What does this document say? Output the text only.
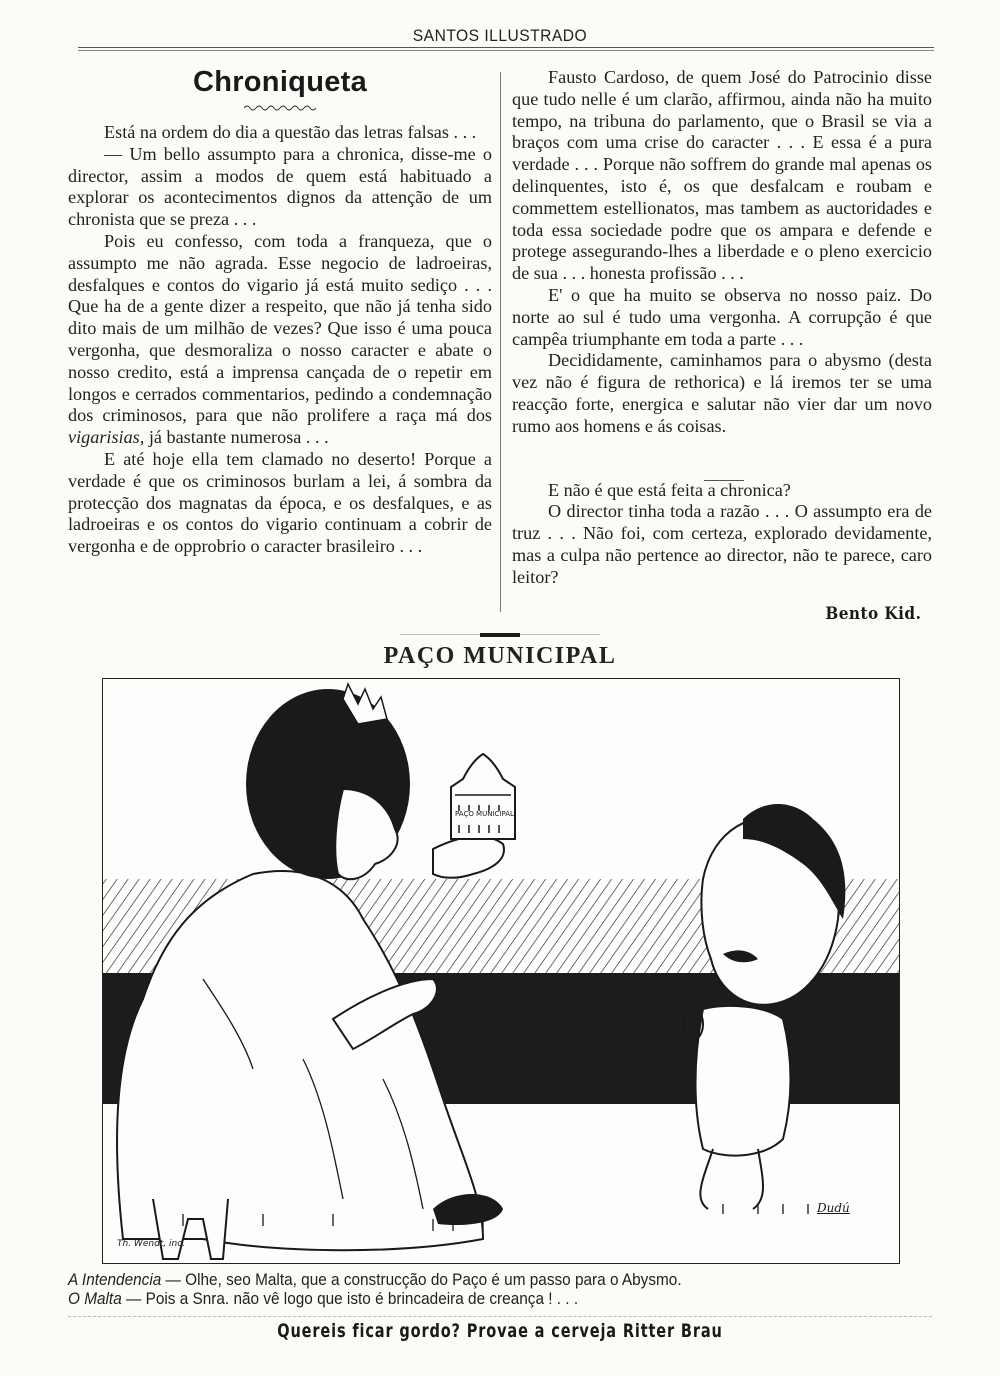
SANTOS ILLUSTRADO
Chroniqueta

Está na ordem do dia a questão das letras falsas . . .

— Um bello assumpto para a chronica, disse-me o director, assim a modos de quem está habituado a explorar os acontecimentos dignos da attenção de um chronista que se preza . . .

Pois eu confesso, com toda a franqueza, que o assumpto me não agrada. Esse negocio de ladroeiras, desfalques e contos do vigario já está muito sediço . . . Que ha de a gente dizer a respeito, que não já tenha sido dito mais de um milhão de vezes? Que isso é uma pouca vergonha, que desmoraliza o nosso caracter e abate o nosso credito, está a imprensa cançada de o repetir em longos e cerrados commentarios, pedindo a condemnação dos criminosos, para que não prolifere a raça má dos vigarisias, já bastante numerosa . . .

E até hoje ella tem clamado no deserto! Porque a verdade é que os criminosos burlam a lei, á sombra da protecção dos magnatas da época, e os desfalques, e as ladroeiras e os contos do vigario continuam a cobrir de vergonha e de opprobrio o caracter brasileiro . . .

Fausto Cardoso, de quem José do Patrocinio disse que tudo nelle é um clarão, affirmou, ainda não ha muito tempo, na tribuna do parlamento, que o Brasil se via a braços com uma crise do caracter . . . E essa é a pura verdade . . . Porque não soffrem do grande mal apenas os delinquentes, isto é, os que desfalcam e roubam e commettem estellionatos, mas tambem as auctoridades e toda essa sociedade podre que os ampara e defende e protege assegurando-lhes a liberdade e o pleno exercicio de sua . . . honesta profissão . . .

E' o que ha muito se observa no nosso paiz. Do norte ao sul é tudo uma vergonha. A corrupção é que campêa triumphante em toda a parte . . .

Decididamente, caminhamos para o abysmo (desta vez não é figura de rethorica) e lá iremos ter se uma reacção forte, energica e salutar não vier dar um novo rumo aos homens e ás coisas.

E não é que está feita a chronica?

O director tinha toda a razão . . . O assumpto era de truz . . . Não foi, com certeza, explorado devidamente, mas a culpa não pertence ao director, não te parece, caro leitor?

Bento Kid.
PAÇO MUNICIPAL
PAÇO MUNICIPAL
Th. Wendt, inc.
Dudú
A Intendencia — Olhe, seo Malta, que a construcção do Paço é um passo para o Abysmo.
O Malta — Pois a Snra. não vê logo que isto é brincadeira de creança ! . . .
Quereis ficar gordo? Provae a cerveja Ritter Brau
